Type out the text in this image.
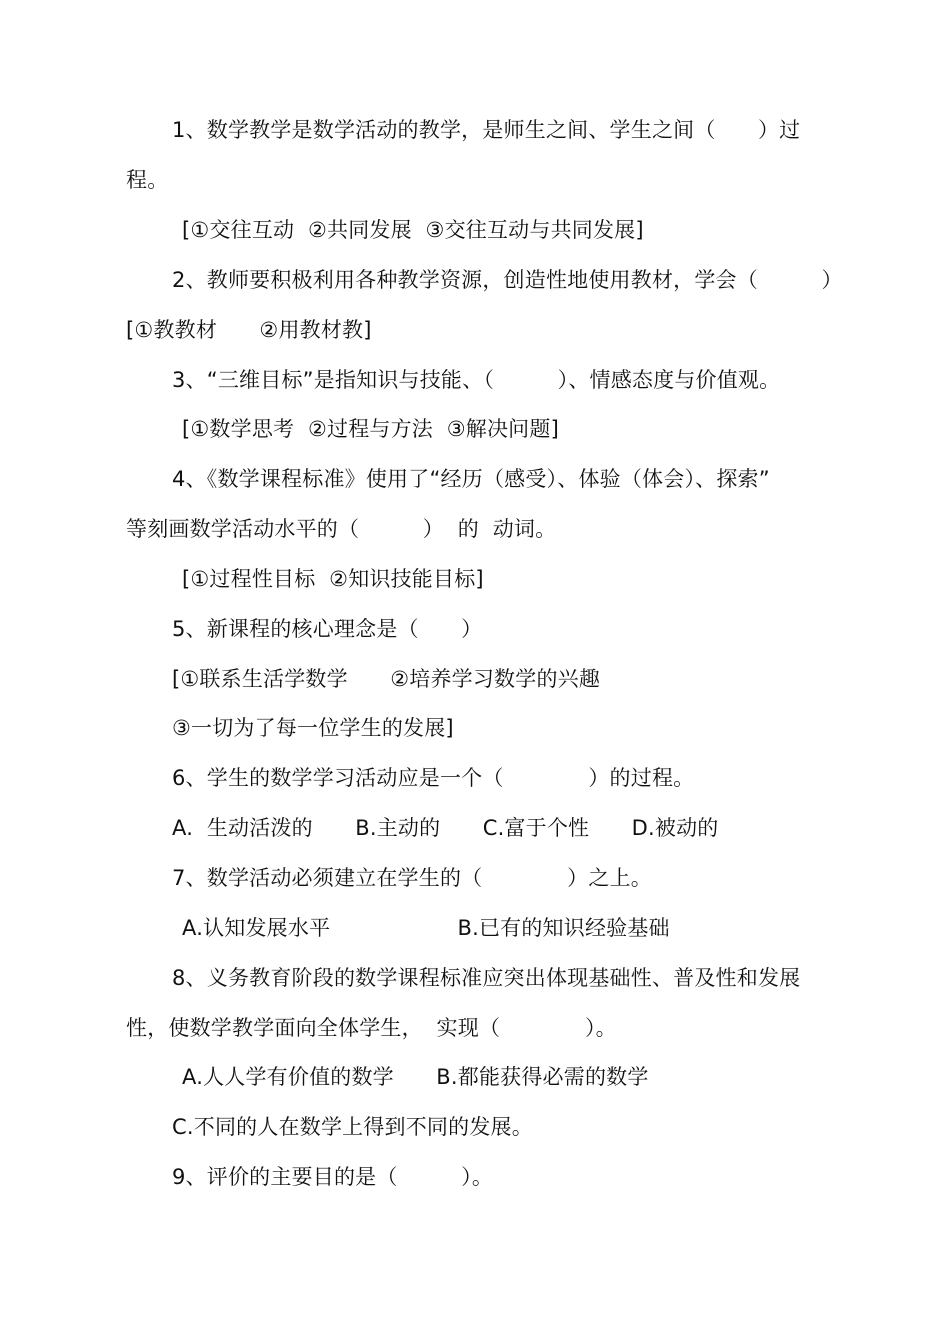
1、数学教学是数学活动的教学，是师生之间、学生之间（　　）过
程。
[①交往互动  ②共同发展  ③交往互动与共同发展]
2、教师要积极利用各种教学资源，创造性地使用教材，学会（　　　）
[①教教材　　②用教材教]
3、“三维目标”是指知识与技能、（　　　）、情感态度与价值观。
[①数学思考  ②过程与方法  ③解决问题]
4、《数学课程标准》使用了“经历（感受）、体验（体会）、探索”
等刻画数学活动水平的（　　　）  的  动词。
[①过程性目标  ②知识技能目标]
5、新课程的核心理念是（　　）
[①联系生活学数学　　②培养学习数学的兴趣
③一切为了每一位学生的发展]
6、学生的数学学习活动应是一个（　　　　）的过程。
A.  生动活泼的　　B.主动的　　C.富于个性　　D.被动的
7、数学活动必须建立在学生的（　　　　）之上。
A.认知发展水平　　　　　　B.已有的知识经验基础
8、义务教育阶段的数学课程标准应突出体现基础性、普及性和发展
性，使数学教学面向全体学生，  实现（　　　　）。
A.人人学有价值的数学　　B.都能获得必需的数学
C.不同的人在数学上得到不同的发展。
9、评价的主要目的是（　　　）。
